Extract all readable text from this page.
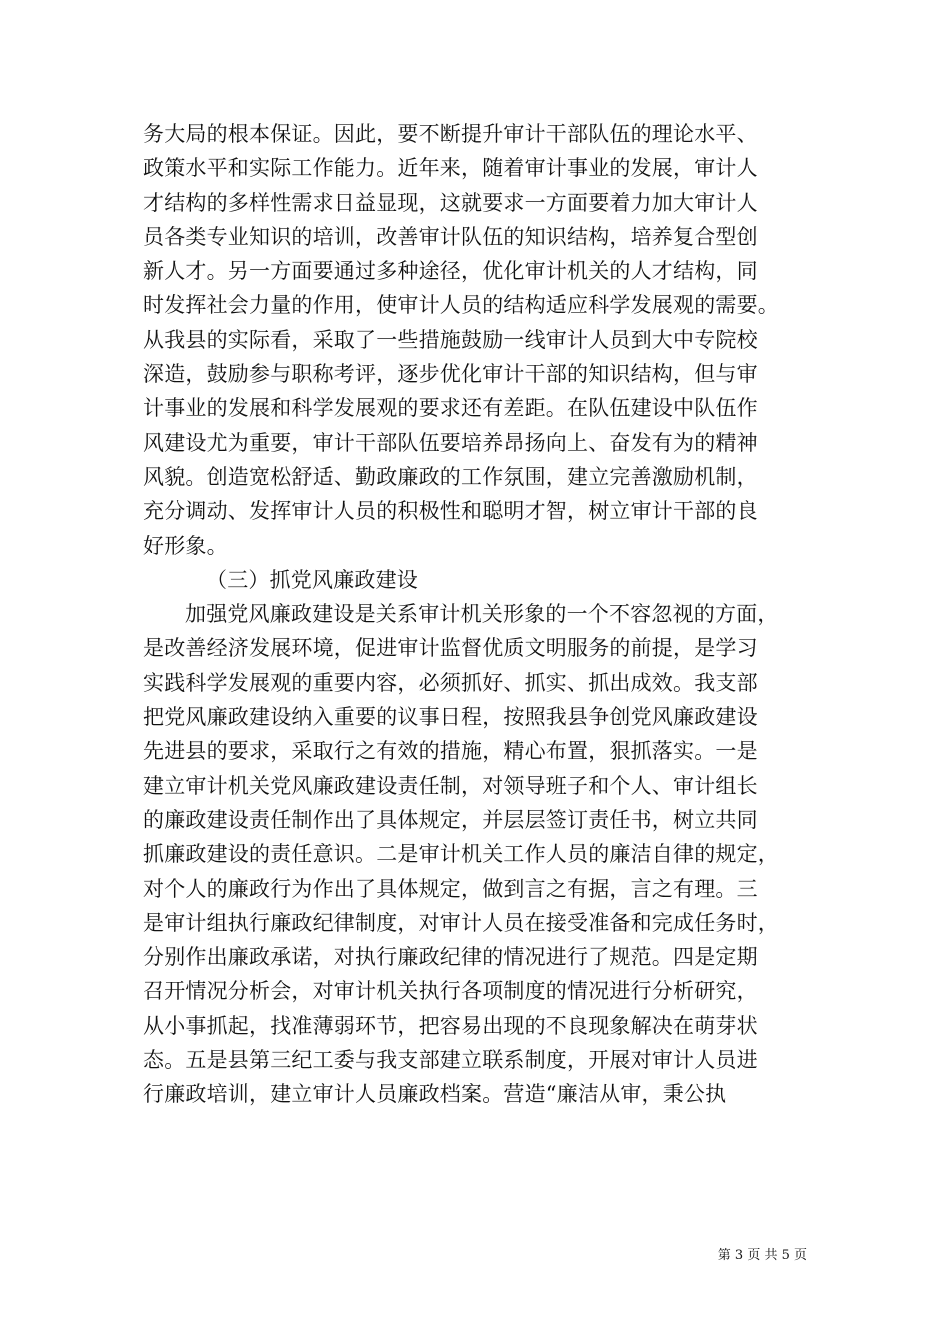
务大局的根本保证。因此，要不断提升审计干部队伍的理论水平、
政策水平和实际工作能力。近年来，随着审计事业的发展，审计人
才结构的多样性需求日益显现，这就要求一方面要着力加大审计人
员各类专业知识的培训，改善审计队伍的知识结构，培养复合型创
新人才。另一方面要通过多种途径，优化审计机关的人才结构，同
时发挥社会力量的作用，使审计人员的结构适应科学发展观的需要。
从我县的实际看，采取了一些措施鼓励一线审计人员到大中专院校
深造，鼓励参与职称考评，逐步优化审计干部的知识结构，但与审
计事业的发展和科学发展观的要求还有差距。在队伍建设中队伍作
风建设尤为重要，审计干部队伍要培养昂扬向上、奋发有为的精神
风貌。创造宽松舒适、勤政廉政的工作氛围，建立完善激励机制，
充分调动、发挥审计人员的积极性和聪明才智，树立审计干部的良
好形象。
（三）抓党风廉政建设
加强党风廉政建设是关系审计机关形象的一个不容忽视的方面，
是改善经济发展环境，促进审计监督优质文明服务的前提，是学习
实践科学发展观的重要内容，必须抓好、抓实、抓出成效。我支部
把党风廉政建设纳入重要的议事日程，按照我县争创党风廉政建设
先进县的要求，采取行之有效的措施，精心布置，狠抓落实。一是
建立审计机关党风廉政建设责任制，对领导班子和个人、审计组长
的廉政建设责任制作出了具体规定，并层层签订责任书，树立共同
抓廉政建设的责任意识。二是审计机关工作人员的廉洁自律的规定，
对个人的廉政行为作出了具体规定，做到言之有据，言之有理。三
是审计组执行廉政纪律制度，对审计人员在接受准备和完成任务时，
分别作出廉政承诺，对执行廉政纪律的情况进行了规范。四是定期
召开情况分析会，对审计机关执行各项制度的情况进行分析研究，
从小事抓起，找准薄弱环节，把容易出现的不良现象解决在萌芽状
态。五是县第三纪工委与我支部建立联系制度，开展对审计人员进
行廉政培训，建立审计人员廉政档案。营造“廉洁从审，秉公执
第 3 页 共 5 页
